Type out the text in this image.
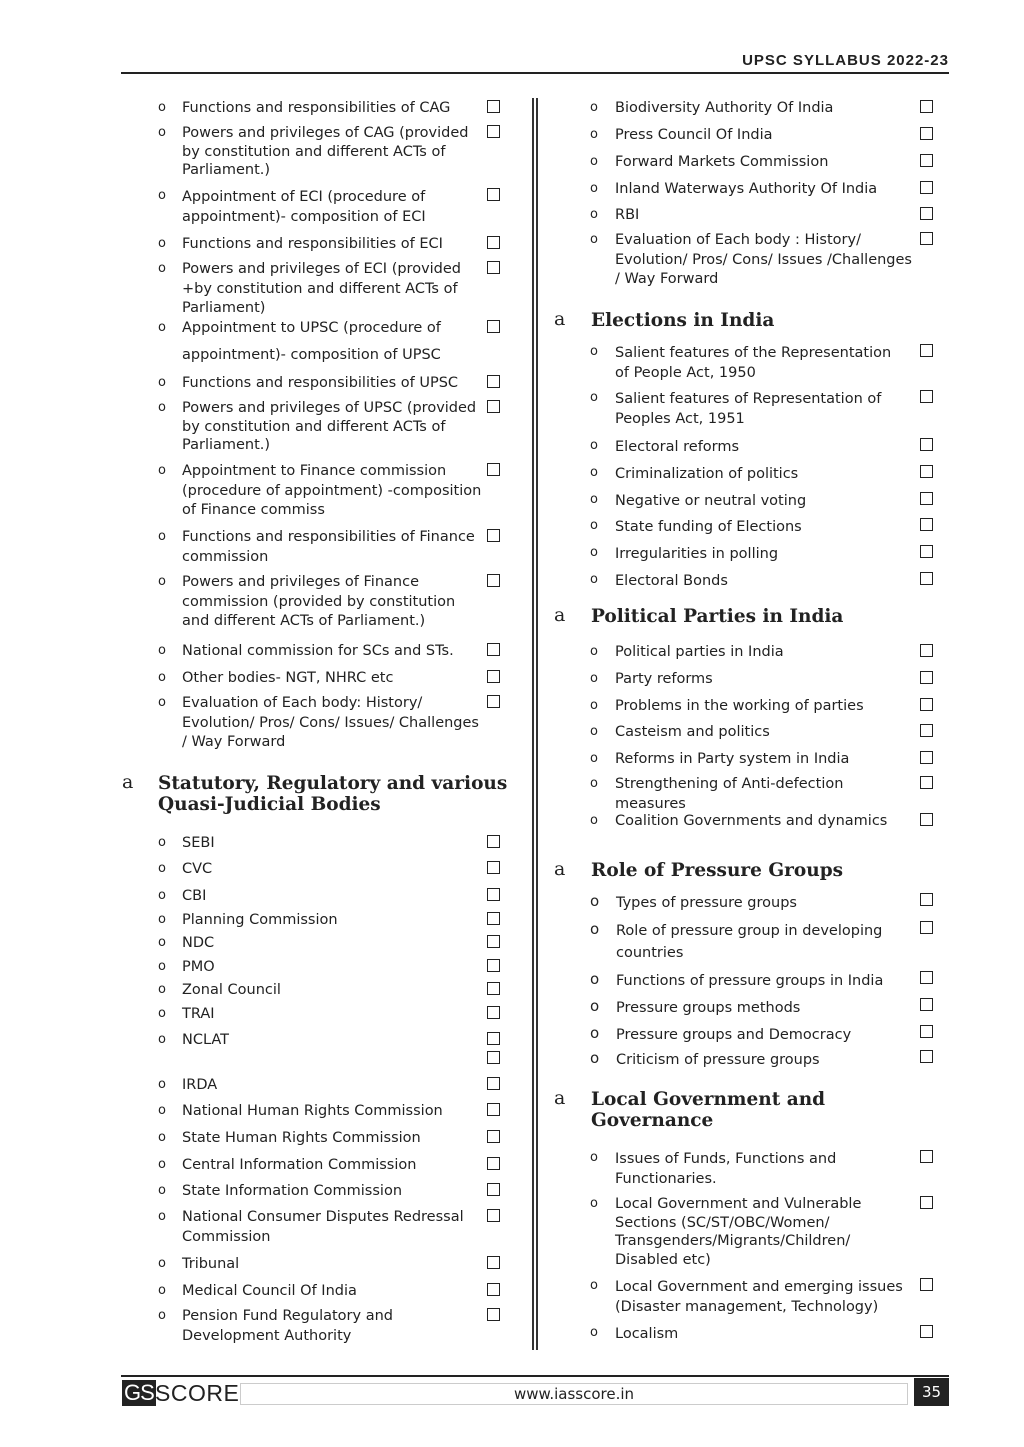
UPSC SYLLABUS 2022-23
GS SCORE	www.iasscore.in	35
o Functions and responsibilities of CAG
o Powers and privileges of CAG (provided by constitution and different ACTs of Parliament.)
o Appointment of ECI (procedure of appointment)- composition of ECI
o Functions and responsibilities of ECI
o Powers and privileges of ECI (provided +by constitution and different ACTs of Parliament)
o Appointment to UPSC (procedure of
appointment)- composition of UPSC
o Functions and responsibilities of UPSC
o Powers and privileges of UPSC (provided by constitution and different ACTs of Parliament.)
o Appointment to Finance commission (procedure of appointment) -composition of Finance commiss
o Functions and responsibilities of Finance commission
o Powers and privileges of Finance commission (provided by constitution and different ACTs of Parliament.)
o National commission for SCs and STs.
o Other bodies- NGT, NHRC etc
o Evaluation of Each body: History/ Evolution/ Pros/ Cons/ Issues/ Challenges / Way Forward
a Statutory, Regulatory and various Quasi-Judicial Bodies
o SEBI
o CVC
o CBI
o Planning Commission
o NDC
o PMO
o Zonal Council
o TRAI
o NCLAT
o IRDA
o National Human Rights Commission
o State Human Rights Commission
o Central Information Commission
o State Information Commission
o National Consumer Disputes Redressal Commission
o Tribunal
o Medical Council Of India
o Pension Fund Regulatory and Development Authority
o Biodiversity Authority Of India
o Press Council Of India
o Forward Markets Commission
o Inland Waterways Authority Of India
o RBI
o Evaluation of Each body : History/ Evolution/ Pros/ Cons/ Issues /Challenges / Way Forward
a Elections in India
o Salient features of the Representation of People Act, 1950
o Salient features of Representation of Peoples Act, 1951
o Electoral reforms
o Criminalization of politics
o Negative or neutral voting
o State funding of Elections
o Irregularities in polling
o Electoral Bonds
a Political Parties in India
o Political parties in India
o Party reforms
o Problems in the working of parties
o Casteism and politics
o Reforms in Party system in India
o Strengthening of Anti-defection measures
o Coalition Governments and dynamics
a Role of Pressure Groups
o Types of pressure groups
o Role of pressure group in developing countries
o Functions of pressure groups in India
o Pressure groups methods
o Pressure groups and Democracy
o Criticism of pressure groups
a Local Government and Governance
o Issues of Funds, Functions and Functionaries.
o Local Government and Vulnerable Sections (SC/ST/OBC/Women/ Transgenders/Migrants/Children/ Disabled etc)
o Local Government and emerging issues (Disaster management, Technology)
o Localism
